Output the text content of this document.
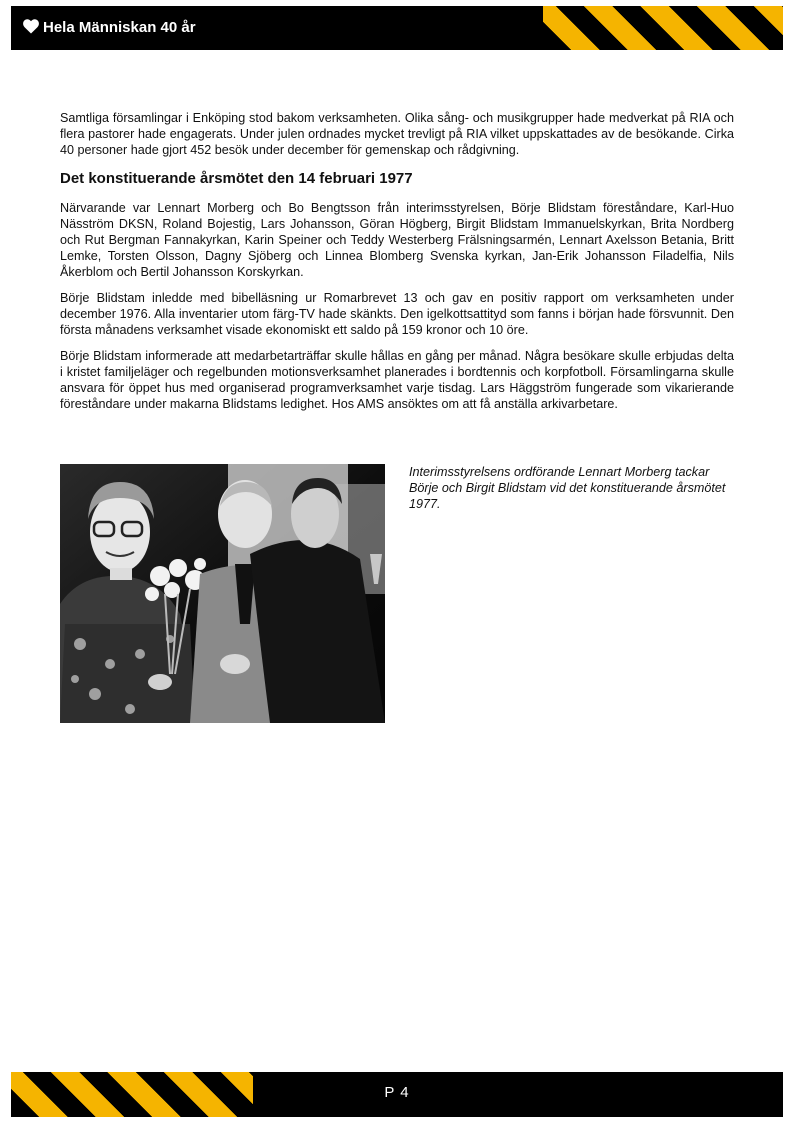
Hela Människan 40 år

Samtliga församlingar i Enköping stod bakom verksamheten. Olika sång- och musikgrupper hade medverkat på RIA och flera pastorer hade engagerats. Under julen ordnades mycket trevligt på RIA vilket uppskattades av de besökande. Cirka 40 personer hade gjort 452 besök under december för gemenskap och rådgivning.

Det konstituerande årsmötet den 14 februari 1977

Närvarande var Lennart Morberg och Bo Bengtsson från interimsstyrelsen, Börje Blidstam föreståndare, Karl-Huo Näsström DKSN, Roland Bojestig, Lars Johansson, Göran Högberg, Birgit Blidstam Immanuelskyrkan, Brita Nordberg och Rut Bergman Fannakyrkan, Karin Speiner och Teddy Westerberg Frälsningsarmén, Lennart Axelsson Betania, Britt Lemke, Torsten Olsson, Dagny Sjöberg och Linnea Blomberg Svenska kyrkan, Jan-Erik Johansson Filadelfia, Nils Åkerblom och Bertil Johansson Korskyrkan.

Börje Blidstam inledde med bibelläsning ur Romarbrevet 13 och gav en positiv rapport om verksamheten under december 1976. Alla inventarier utom färg-TV hade skänkts. Den igelkottsattityd som fanns i början hade försvunnit. Den första månadens verksamhet visade ekonomiskt ett saldo på 159 kronor och 10 öre.

Börje Blidstam informerade att medarbetarträffar skulle hållas en gång per månad. Några besökare skulle erbjudas delta i kristet familjeläger och regelbunden motionsverksamhet planerades i bordtennis och korpfotboll. Församlingarna skulle ansvara för öppet hus med organiserad programverksamhet varje tisdag. Lars Häggström fungerade som vikarierande föreståndare under makarna Blidstams ledighet. Hos AMS ansöktes om att få anställa arkivarbetare.

Interimsstyrelsens ordförande Lennart Morberg tackar Börje och Birgit Blidstam vid det konstituerande årsmötet 1977.
P 4
